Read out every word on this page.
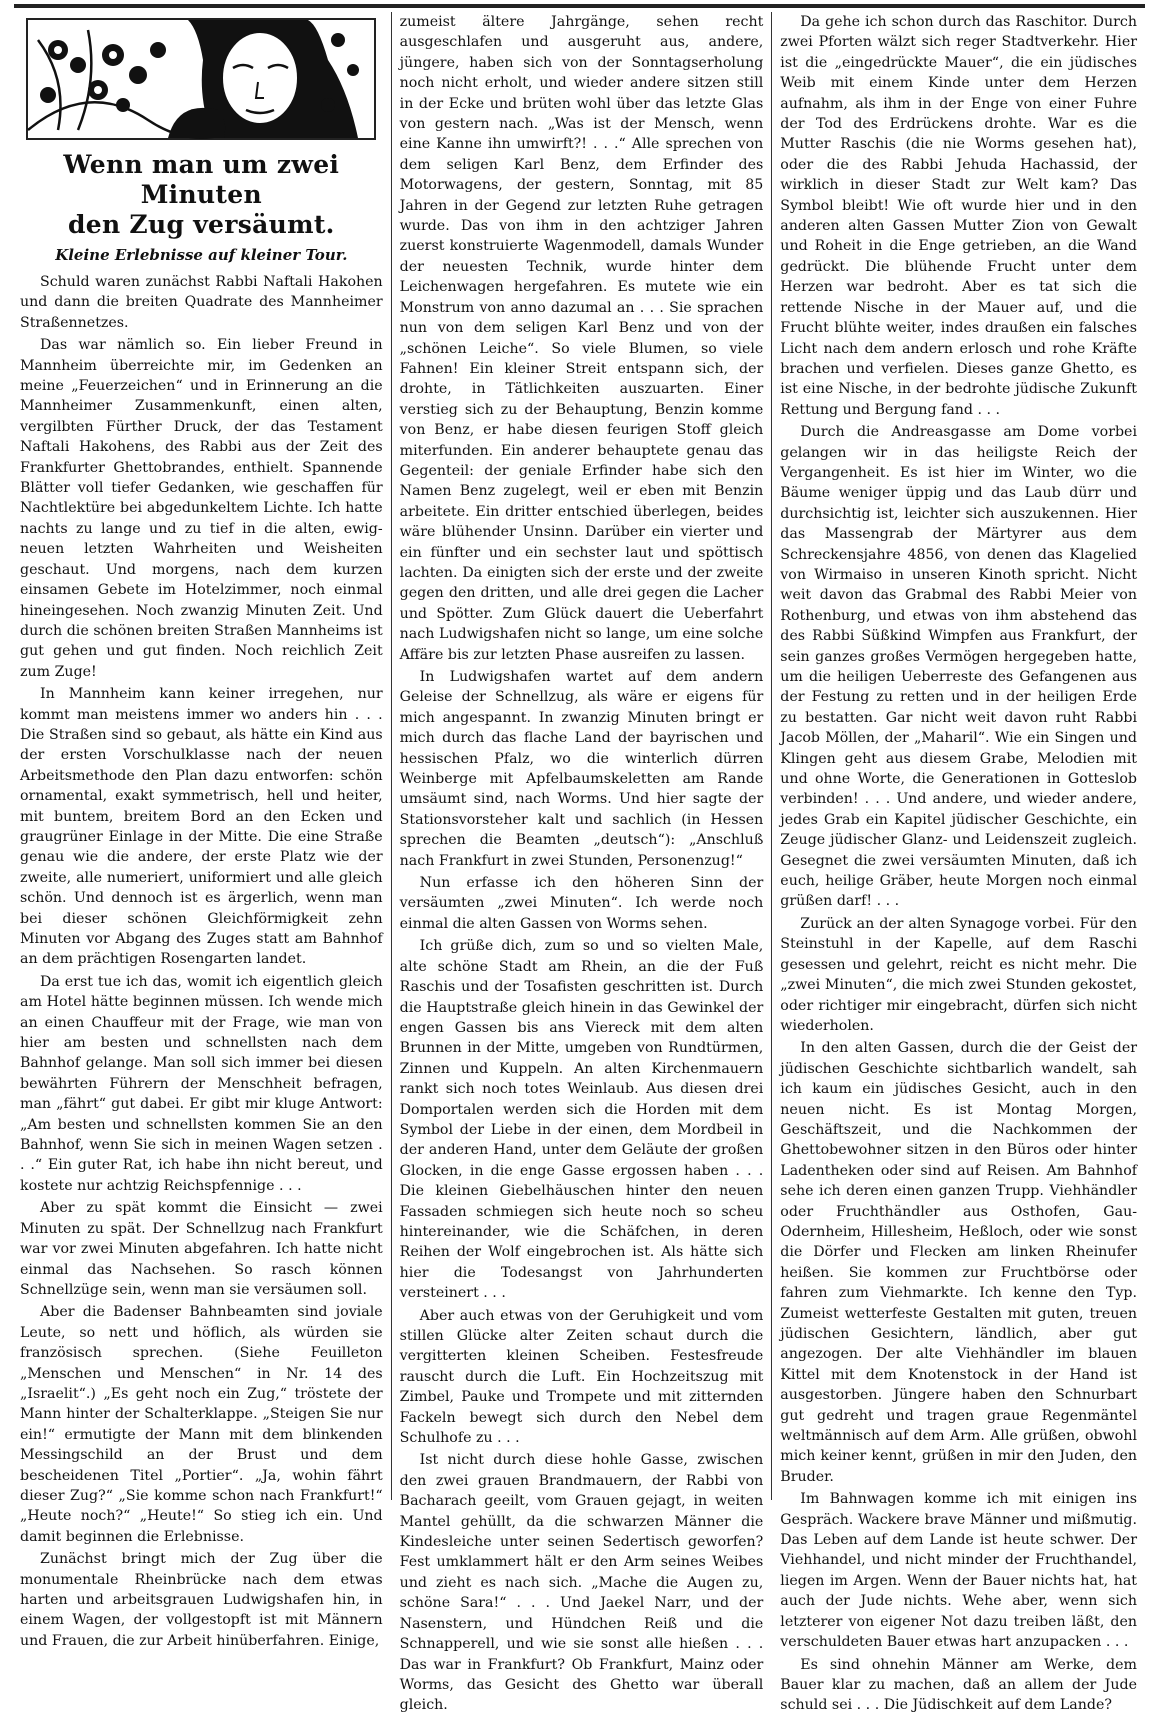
Wenn man um zwei Minuten
den Zug versäumt.
Kleine Erlebnisse auf kleiner Tour.

Schuld waren zunächst Rabbi Naftali Hakohen und dann die breiten Quadrate des Mannheimer Straßennetzes.

Das war nämlich so. Ein lieber Freund in Mannheim überreichte mir, im Gedenken an meine „Feuerzeichen“ und in Erinnerung an die Mannheimer Zusammenkunft, einen alten, vergilbten Fürther Druck, der das Testament Naftali Hakohens, des Rabbi aus der Zeit des Frankfurter Ghettobrandes, enthielt. Spannende Blätter voll tiefer Gedanken, wie geschaffen für Nachtlektüre bei abgedunkeltem Lichte. Ich hatte nachts zu lange und zu tief in die alten, ewig-neuen letzten Wahrheiten und Weisheiten geschaut. Und morgens, nach dem kurzen einsamen Gebete im Hotelzimmer, noch einmal hineingesehen. Noch zwanzig Minuten Zeit. Und durch die schönen breiten Straßen Mannheims ist gut gehen und gut finden. Noch reichlich Zeit zum Zuge!

In Mannheim kann keiner irregehen, nur kommt man meistens immer wo anders hin . . . Die Straßen sind so gebaut, als hätte ein Kind aus der ersten Vorschulklasse nach der neuen Arbeitsmethode den Plan dazu entworfen: schön ornamental, exakt symmetrisch, hell und heiter, mit buntem, breitem Bord an den Ecken und graugrüner Einlage in der Mitte. Die eine Straße genau wie die andere, der erste Platz wie der zweite, alle numeriert, uniformiert und alle gleich schön. Und dennoch ist es ärgerlich, wenn man bei dieser schönen Gleichförmigkeit zehn Minuten vor Abgang des Zuges statt am Bahnhof an dem prächtigen Rosengarten landet.

Da erst tue ich das, womit ich eigentlich gleich am Hotel hätte beginnen müssen. Ich wende mich an einen Chauffeur mit der Frage, wie man von hier am besten und schnellsten nach dem Bahnhof gelange. Man soll sich immer bei diesen bewährten Führern der Menschheit befragen, man „fährt“ gut dabei. Er gibt mir kluge Antwort: „Am besten und schnellsten kommen Sie an den Bahnhof, wenn Sie sich in meinen Wagen setzen . . .“ Ein guter Rat, ich habe ihn nicht bereut, und kostete nur achtzig Reichspfennige . . .

Aber zu spät kommt die Einsicht — zwei Minuten zu spät. Der Schnellzug nach Frankfurt war vor zwei Minuten abgefahren. Ich hatte nicht einmal das Nachsehen. So rasch können Schnellzüge sein, wenn man sie versäumen soll.

Aber die Badenser Bahnbeamten sind joviale Leute, so nett und höflich, als würden sie französisch sprechen. (Siehe Feuilleton „Menschen und Menschen“ in Nr. 14 des „Israelit“.) „Es geht noch ein Zug,“ tröstete der Mann hinter der Schalterklappe. „Steigen Sie nur ein!“ ermutigte der Mann mit dem blinkenden Messingschild an der Brust und dem bescheidenen Titel „Portier“. „Ja, wohin fährt dieser Zug?“ „Sie komme schon nach Frankfurt!“ „Heute noch?“ „Heute!“ So stieg ich ein. Und damit beginnen die Erlebnisse.

Zunächst bringt mich der Zug über die monumentale Rheinbrücke nach dem etwas harten und arbeitsgrauen Ludwigshafen hin, in einem Wagen, der vollgestopft ist mit Männern und Frauen, die zur Arbeit hinüberfahren. Einige,

zumeist ältere Jahrgänge, sehen recht ausgeschlafen und ausgeruht aus, andere, jüngere, haben sich von der Sonntagserholung noch nicht erholt, und wieder andere sitzen still in der Ecke und brüten wohl über das letzte Glas von gestern nach. „Was ist der Mensch, wenn eine Kanne ihn umwirft?! . . .“ Alle sprechen von dem seligen Karl Benz, dem Erfinder des Motorwagens, der gestern, Sonntag, mit 85 Jahren in der Gegend zur letzten Ruhe getragen wurde. Das von ihm in den achtziger Jahren zuerst konstruierte Wagenmodell, damals Wunder der neuesten Technik, wurde hinter dem Leichenwagen hergefahren. Es mutete wie ein Monstrum von anno dazumal an . . . Sie sprachen nun von dem seligen Karl Benz und von der „schönen Leiche“. So viele Blumen, so viele Fahnen! Ein kleiner Streit entspann sich, der drohte, in Tätlichkeiten auszuarten. Einer verstieg sich zu der Behauptung, Benzin komme von Benz, er habe diesen feurigen Stoff gleich miterfunden. Ein anderer behauptete genau das Gegenteil: der geniale Erfinder habe sich den Namen Benz zugelegt, weil er eben mit Benzin arbeitete. Ein dritter entschied überlegen, beides wäre blühender Unsinn. Darüber ein vierter und ein fünfter und ein sechster laut und spöttisch lachten. Da einigten sich der erste und der zweite gegen den dritten, und alle drei gegen die Lacher und Spötter. Zum Glück dauert die Ueberfahrt nach Ludwigshafen nicht so lange, um eine solche Affäre bis zur letzten Phase ausreifen zu lassen.

In Ludwigshafen wartet auf dem andern Geleise der Schnellzug, als wäre er eigens für mich angespannt. In zwanzig Minuten bringt er mich durch das flache Land der bayrischen und hessischen Pfalz, wo die winterlich dürren Weinberge mit Apfelbaumskeletten am Rande umsäumt sind, nach Worms. Und hier sagte der Stationsvorsteher kalt und sachlich (in Hessen sprechen die Beamten „deutsch“): „Anschluß nach Frankfurt in zwei Stunden, Personenzug!“

Nun erfasse ich den höheren Sinn der versäumten „zwei Minuten“. Ich werde noch einmal die alten Gassen von Worms sehen.

Ich grüße dich, zum so und so vielten Male, alte schöne Stadt am Rhein, an die der Fuß Raschis und der Tosafisten geschritten ist. Durch die Hauptstraße gleich hinein in das Gewinkel der engen Gassen bis ans Viereck mit dem alten Brunnen in der Mitte, umgeben von Rundtürmen, Zinnen und Kuppeln. An alten Kirchenmauern rankt sich noch totes Weinlaub. Aus diesen drei Domportalen werden sich die Horden mit dem Symbol der Liebe in der einen, dem Mordbeil in der anderen Hand, unter dem Geläute der großen Glocken, in die enge Gasse ergossen haben . . . Die kleinen Giebelhäuschen hinter den neuen Fassaden schmiegen sich heute noch so scheu hintereinander, wie die Schäfchen, in deren Reihen der Wolf eingebrochen ist. Als hätte sich hier die Todesangst von Jahrhunderten versteinert . . .

Aber auch etwas von der Geruhigkeit und vom stillen Glücke alter Zeiten schaut durch die vergitterten kleinen Scheiben. Festesfreude rauscht durch die Luft. Ein Hochzeitszug mit Zimbel, Pauke und Trompete und mit zitternden Fackeln bewegt sich durch den Nebel dem Schulhofe zu . . .

Ist nicht durch diese hohle Gasse, zwischen den zwei grauen Brandmauern, der Rabbi von Bacharach geeilt, vom Grauen gejagt, in weiten Mantel gehüllt, da die schwarzen Männer die Kindesleiche unter seinen Sedertisch geworfen? Fest umklammert hält er den Arm seines Weibes und zieht es nach sich. „Mache die Augen zu, schöne Sara!“ . . . Und Jaekel Narr, und der Nasenstern, und Hündchen Reiß und die Schnapperell, und wie sie sonst alle hießen . . . Das war in Frankfurt? Ob Frankfurt, Mainz oder Worms, das Gesicht des Ghetto war überall gleich.

Da gehe ich schon durch das Raschitor. Durch zwei Pforten wälzt sich reger Stadtverkehr. Hier ist die „eingedrückte Mauer“, die ein jüdisches Weib mit einem Kinde unter dem Herzen aufnahm, als ihm in der Enge von einer Fuhre der Tod des Erdrückens drohte. War es die Mutter Raschis (die nie Worms gesehen hat), oder die des Rabbi Jehuda Hachassid, der wirklich in dieser Stadt zur Welt kam? Das Symbol bleibt! Wie oft wurde hier und in den anderen alten Gassen Mutter Zion von Gewalt und Roheit in die Enge getrieben, an die Wand gedrückt. Die blühende Frucht unter dem Herzen war bedroht. Aber es tat sich die rettende Nische in der Mauer auf, und die Frucht blühte weiter, indes draußen ein falsches Licht nach dem andern erlosch und rohe Kräfte brachen und verfielen. Dieses ganze Ghetto, es ist eine Nische, in der bedrohte jüdische Zukunft Rettung und Bergung fand . . .

Durch die Andreasgasse am Dome vorbei gelangen wir in das heiligste Reich der Vergangenheit. Es ist hier im Winter, wo die Bäume weniger üppig und das Laub dürr und durchsichtig ist, leichter sich auszukennen. Hier das Massengrab der Märtyrer aus dem Schreckensjahre 4856, von denen das Klagelied von Wirmaiso in unseren Kinoth spricht. Nicht weit davon das Grabmal des Rabbi Meier von Rothenburg, und etwas von ihm abstehend das des Rabbi Süßkind Wimpfen aus Frankfurt, der sein ganzes großes Vermögen hergegeben hatte, um die heiligen Ueberreste des Gefangenen aus der Festung zu retten und in der heiligen Erde zu bestatten. Gar nicht weit davon ruht Rabbi Jacob Möllen, der „Maharil“. Wie ein Singen und Klingen geht aus diesem Grabe, Melodien mit und ohne Worte, die Generationen in Gotteslob verbinden! . . . Und andere, und wieder andere, jedes Grab ein Kapitel jüdischer Geschichte, ein Zeuge jüdischer Glanz- und Leidenszeit zugleich. Gesegnet die zwei versäumten Minuten, daß ich euch, heilige Gräber, heute Morgen noch einmal grüßen darf! . . .

Zurück an der alten Synagoge vorbei. Für den Steinstuhl in der Kapelle, auf dem Raschi gesessen und gelehrt, reicht es nicht mehr. Die „zwei Minuten“, die mich zwei Stunden gekostet, oder richtiger mir eingebracht, dürfen sich nicht wiederholen.

In den alten Gassen, durch die der Geist der jüdischen Geschichte sichtbarlich wandelt, sah ich kaum ein jüdisches Gesicht, auch in den neuen nicht. Es ist Montag Morgen, Geschäftszeit, und die Nachkommen der Ghettobewohner sitzen in den Büros oder hinter Ladentheken oder sind auf Reisen. Am Bahnhof sehe ich deren einen ganzen Trupp. Viehhändler oder Fruchthändler aus Osthofen, Gau-Odernheim, Hillesheim, Heßloch, oder wie sonst die Dörfer und Flecken am linken Rheinufer heißen. Sie kommen zur Fruchtbörse oder fahren zum Viehmarkte. Ich kenne den Typ. Zumeist wetterfeste Gestalten mit guten, treuen jüdischen Gesichtern, ländlich, aber gut angezogen. Der alte Viehhändler im blauen Kittel mit dem Knotenstock in der Hand ist ausgestorben. Jüngere haben den Schnurbart gut gedreht und tragen graue Regenmäntel weltmännisch auf dem Arm. Alle grüßen, obwohl mich keiner kennt, grüßen in mir den Juden, den Bruder.

Im Bahnwagen komme ich mit einigen ins Gespräch. Wackere brave Männer und mißmutig. Das Leben auf dem Lande ist heute schwer. Der Viehhandel, und nicht minder der Fruchthandel, liegen im Argen. Wenn der Bauer nichts hat, hat auch der Jude nichts. Wehe aber, wenn sich letzterer von eigener Not dazu treiben läßt, den verschuldeten Bauer etwas hart anzupacken . . .

Es sind ohnehin Männer am Werke, dem Bauer klar zu machen, daß an allem der Jude schuld sei . . . Die Jüdischkeit auf dem Lande?
